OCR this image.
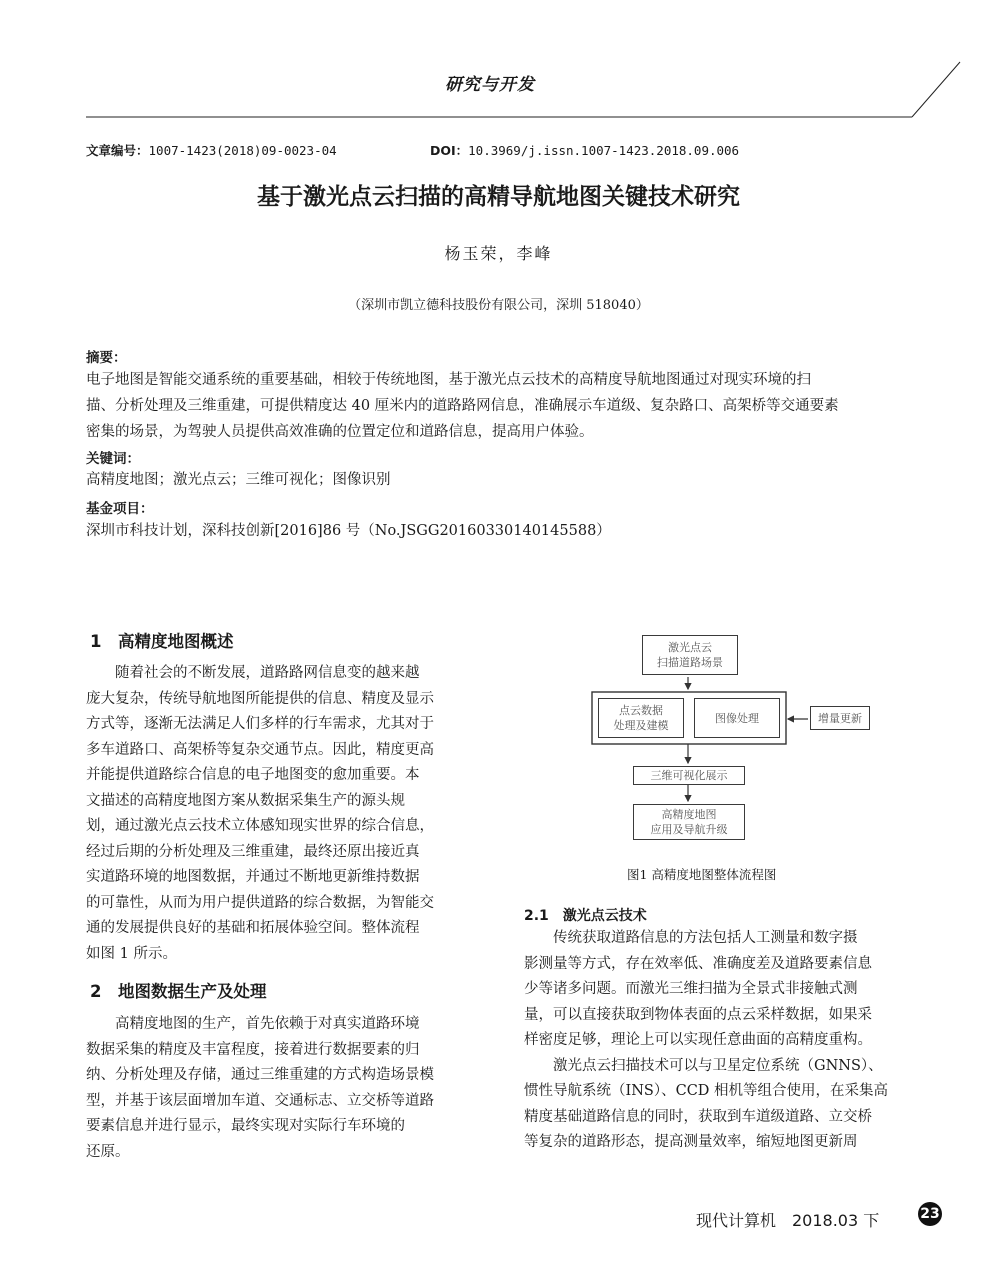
研究与开发
文章编号：1007-1423(2018)09-0023-04	DOI：10.3969/j.issn.1007-1423.2018.09.006
基于激光点云扫描的高精导航地图关键技术研究
杨玉荣，李峰
（深圳市凯立德科技股份有限公司，深圳 518040）
摘要：
电子地图是智能交通系统的重要基础，相较于传统地图，基于激光点云技术的高精度导航地图通过对现实环境的扫
描、分析处理及三维重建，可提供精度达 40 厘米内的道路路网信息，准确展示车道级、复杂路口、高架桥等交通要素
密集的场景，为驾驶人员提供高效准确的位置定位和道路信息，提高用户体验。
关键词：
高精度地图；激光点云；三维可视化；图像识别
基金项目：
深圳市科技计划，深科技创新[2016]86 号（No.JSGG20160330140145588）
1　高精度地图概述
随着社会的不断发展，道路路网信息变的越来越
庞大复杂，传统导航地图所能提供的信息、精度及显示
方式等，逐渐无法满足人们多样的行车需求，尤其对于
多车道路口、高架桥等复杂交通节点。因此，精度更高
并能提供道路综合信息的电子地图变的愈加重要。本
文描述的高精度地图方案从数据采集生产的源头规
划，通过激光点云技术立体感知现实世界的综合信息，
经过后期的分析处理及三维重建，最终还原出接近真
实道路环境的地图数据，并通过不断地更新维持数据
的可靠性，从而为用户提供道路的综合数据，为智能交
通的发展提供良好的基础和拓展体验空间。整体流程
如图 1 所示。
2　地图数据生产及处理
高精度地图的生产，首先依赖于对真实道路环境
数据采集的精度及丰富程度，接着进行数据要素的归
纳、分析处理及存储，通过三维重建的方式构造场景模
型，并基于该层面增加车道、交通标志、立交桥等道路
要素信息并进行显示，最终实现对实际行车环境的
还原。
激光点云
扫描道路场景
点云数据
处理及建模
图像处理	增量更新
三维可视化展示
高精度地图
应用及导航升级
图1 高精度地图整体流程图
2.1　激光点云技术
传统获取道路信息的方法包括人工测量和数字摄
影测量等方式，存在效率低、准确度差及道路要素信息
少等诸多问题。而激光三维扫描为全景式非接触式测
量，可以直接获取到物体表面的点云采样数据，如果采
样密度足够，理论上可以实现任意曲面的高精度重构。
激光点云扫描技术可以与卫星定位系统（GNNS）、
惯性导航系统（INS）、CCD 相机等组合使用，在采集高
精度基础道路信息的同时，获取到车道级道路、立交桥
等复杂的道路形态，提高测量效率，缩短地图更新周
现代计算机　2018.03 下	23
